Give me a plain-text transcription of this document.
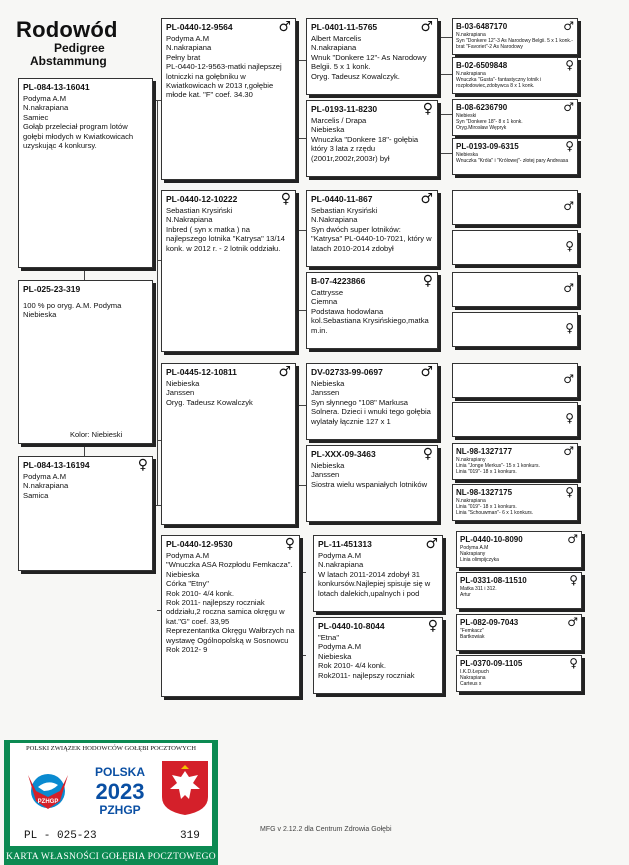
Rodowód
Pedigree
Abstammung
PL-084-13-16041
Podyma A.M
N.nakrapiana
Samiec
Gołąb przeleciał program lotów gołębi młodych w Kwiatkowicach uzyskując 4 konkursy.
PL-025-23-319
100 % po oryg. A.M. Podyma
Niebieska
Kolor: Niebieski
PL-084-13-16194	♀
Podyma A.M
N.nakrapiana
Samica
PL-0440-12-9564	♂
Podyma A.M
N.nakrapiana
Pełny brat
PL-0440-12-9563-matki najlepszej lotniczki na gołębniku w Kwiatkowicach w 2013 r,gołębie młode kat. "F" coef. 34.30
PL-0440-12-10222	♀
Sebastian Krysiński
N.Nakrapiana
Inbred ( syn x matka ) na najlepszego lotnika "Katrysa" 13/14 konk. w 2012 r. - 2 lotnik oddziału.
PL-0445-12-10811	♂
Niebieska
Janssen
Oryg. Tadeusz Kowalczyk
PL-0440-12-9530	♀
Podyma A.M
"Wnuczka ASA Rozpłodu Femkacza".
Niebieska
Córka "Etny"
Rok 2010- 4/4 konk.
Rok 2011- najlepszy roczniak oddziału,2 roczna samica okręgu w kat."G" coef. 33,95
Reprezentantka Okręgu Wałbrzych na wystawę Ogólnopolską w Sosnowcu
Rok 2012- 9
PL-0401-11-5765	♂
Albert Marcelis
N.nakrapiana
Wnuk "Donkere 12"- As Narodowy Belgii. 5 x 1 konk.
Oryg. Tadeusz Kowalczyk.
PL-0193-11-8230	♀
Marcelis / Drapa
Niebieska
Wnuczka "Donkere 18"- gołębia który 3 lata z rzędu (2001r,2002r,2003r) był
PL-0440-11-867	♂
Sebastian Krysiński
N.Nakrapiana
Syn dwóch super lotników: "Katrysa" PL-0440-10-7021, który w latach 2010-2014 zdobył
B-07-4223866	♀
Cattrysse
Ciemna
Podstawa hodowlana kol.Sebastiana Krysińskiego,matka m.in.
DV-02733-99-0697	♂
Niebieska
Janssen
Syn słynnego "108" Markusa Solnera. Dzieci i wnuki tego gołębia wylatały łącznie 127 x 1
PL-XXX-09-3463	♀
Niebieska
Janssen
Siostra wielu wspaniałych lotników
PL-11-451313	♂
Podyma A.M
N.nakrapiana
W latach 2011-2014 zdobył 31 konkursów.Najlepiej spisuje się w lotach dalekich,upalnych i pod
PL-0440-10-8044	♀
"Etna"
Podyma A.M
Niebieska
Rok 2010- 4/4 konk.
Rok2011- najlepszy roczniak
B-03-6487170	♂
N.nakrapiana
Syn "Donkere 12"-3 As Narodowy Belgii. 5 x 1 konk.- brat "Favoriet"-2 As Narodowy
B-02-6509848	♀
N.nakrapiana
Wnuczka "Gusta"- fantastyczny lotnik i rozpłodowiec,zdobywca 8 x 1 konk.
B-08-6236790	♂
Niebieski
Syn "Donkere 18"- 8 x 1 konk.
Oryg.Mirosław Wępryk
PL-0193-09-6315	♀
Niebieska
Wnuczka "Króla" i "Królowej"- złotej pary Andreasa
♂
♀
♂
♀
♂
♀
NL-98-1327177	♂
N.nakrapiany
Linia "Jonge Merkus"- 15 x 1 konkurs.
Linia "019"- 18 x 1 konkurs.
NL-98-1327175	♀
N.nakrapiana
Linia "019"- 18 x 1 konkurs.
Linia "Schouwman"- 6 x 1 konkurs.
PL-0440-10-8090	♂
Podyma A.M
Nakrapiany
Linia olimpijczyka
PL-0331-08-11510	♀
Matka 311 i 312.
Artur
PL-082-09-7043	♂
"Femkacz"
Bartkowiak
PL-0370-09-1105	♀
I.K.D.Łepuch
Nakrapiana
Carteus x
MFG v 2.12.2 dla Centrum Zdrowia Gołębi
POLSKI ZWIĄZEK HODOWCÓW GOŁĘBI POCZTOWYCH
PZHGP
POLSKA
2023
PZHGP
PL - 025-23	319
KARTA WŁASNOŚCI GOŁĘBIA POCZTOWEGO
